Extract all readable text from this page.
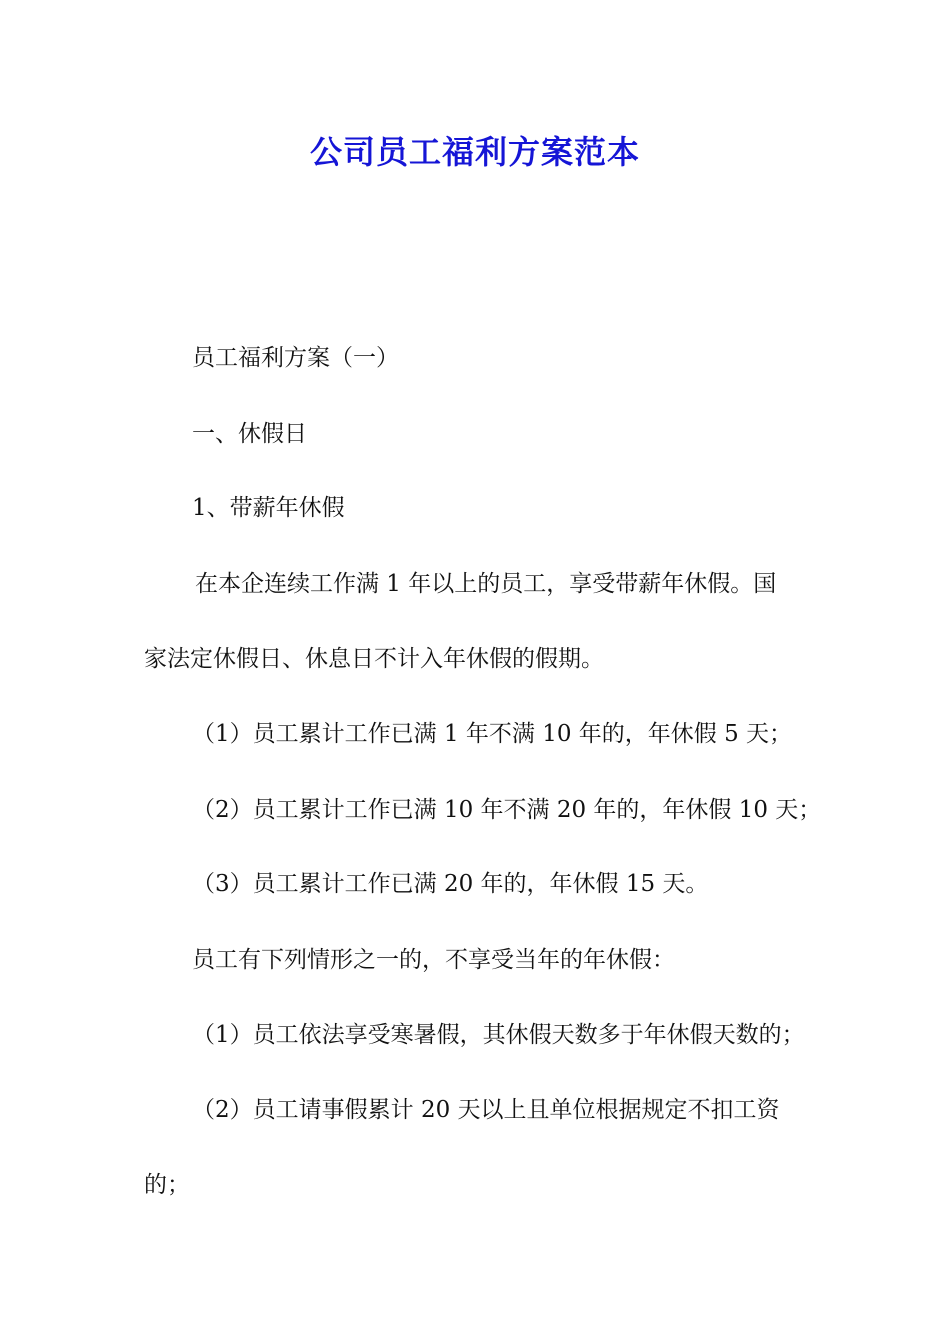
公司员工福利方案范本
员工福利方案（一）
一、休假日
1、带薪年休假
在本企连续工作满 1 年以上的员工，享受带薪年休假。国
家法定休假日、休息日不计入年休假的假期。
（1）员工累计工作已满 1 年不满 10 年的，年休假 5 天；
（2）员工累计工作已满 10 年不满 20 年的，年休假 10 天；
（3）员工累计工作已满 20 年的，年休假 15 天。
员工有下列情形之一的，不享受当年的年休假：
（1）员工依法享受寒暑假，其休假天数多于年休假天数的；
（2）员工请事假累计 20 天以上且单位根据规定不扣工资
的；
